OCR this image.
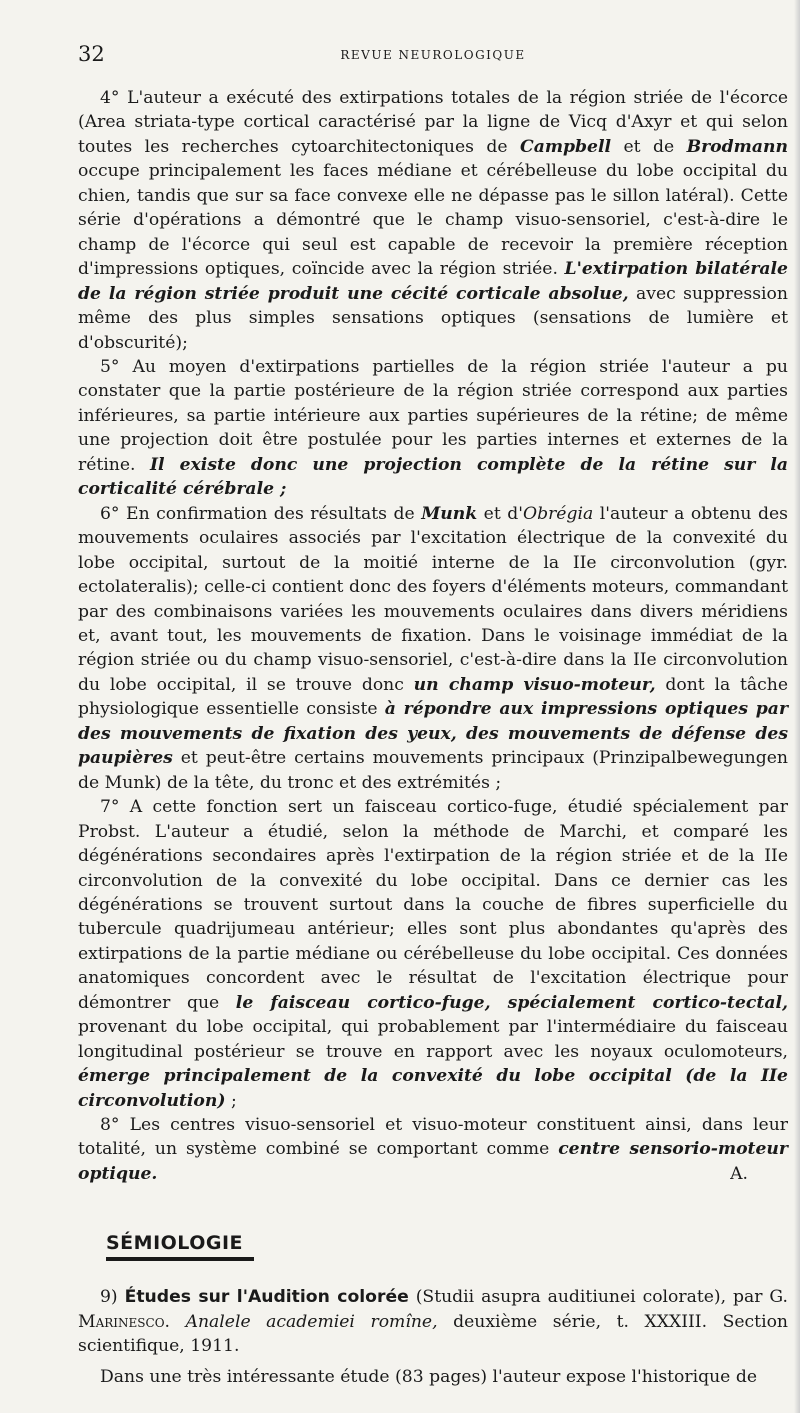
32	REVUE NEUROLOGIQUE

4° L'auteur a exécuté des extirpations totales de la région striée de l'écorce (Area striata-type cortical caractérisé par la ligne de Vicq d'Axyr et qui selon toutes les recherches cytoarchitectoniques de Campbell et de Brodmann occupe principalement les faces médiane et cérébelleuse du lobe occipital du chien, tandis que sur sa face convexe elle ne dépasse pas le sillon latéral). Cette série d'opérations a démontré que le champ visuo-sensoriel, c'est-à-dire le champ de l'écorce qui seul est capable de recevoir la première réception d'impressions optiques, coïncide avec la région striée. L'extirpation bilatérale de la région striée produit une cécité corticale absolue, avec suppression même des plus simples sensations optiques (sensations de lumière et d'obscurité);

5° Au moyen d'extirpations partielles de la région striée l'auteur a pu constater que la partie postérieure de la région striée correspond aux parties inférieures, sa partie intérieure aux parties supérieures de la rétine; de même une projection doit être postulée pour les parties internes et externes de la rétine. Il existe donc une projection complète de la rétine sur la corticalité cérébrale ;

6° En confirmation des résultats de Munk et d'Obrégia l'auteur a obtenu des mouvements oculaires associés par l'excitation électrique de la convexité du lobe occipital, surtout de la moitié interne de la IIe circonvolution (gyr. ectolateralis); celle-ci contient donc des foyers d'éléments moteurs, commandant par des combinaisons variées les mouvements oculaires dans divers méridiens et, avant tout, les mouvements de fixation. Dans le voisinage immédiat de la région striée ou du champ visuo-sensoriel, c'est-à-dire dans la IIe circonvolution du lobe occipital, il se trouve donc un champ visuo-moteur, dont la tâche physiologique essentielle consiste à répondre aux impressions optiques par des mouvements de fixation des yeux, des mouvements de défense des paupières et peut-être certains mouvements principaux (Prinzipalbewegungen de Munk) de la tête, du tronc et des extrémités ;

7° A cette fonction sert un faisceau cortico-fuge, étudié spécialement par Probst. L'auteur a étudié, selon la méthode de Marchi, et comparé les dégénérations secondaires après l'extirpation de la région striée et de la IIe circonvolution de la convexité du lobe occipital. Dans ce dernier cas les dégénérations se trouvent surtout dans la couche de fibres superficielle du tubercule quadrijumeau antérieur; elles sont plus abondantes qu'après des extirpations de la partie médiane ou cérébelleuse du lobe occipital. Ces données anatomiques concordent avec le résultat de l'excitation électrique pour démontrer que le faisceau cortico-fuge, spécialement cortico-tectal, provenant du lobe occipital, qui probablement par l'intermédiaire du faisceau longitudinal postérieur se trouve en rapport avec les noyaux oculomoteurs, émerge principalement de la convexité du lobe occipital (de la IIe circonvolution) ;

8° Les centres visuo-sensoriel et visuo-moteur constituent ainsi, dans leur totalité, un système combiné se comportant comme centre sensorio-moteur optique.	A.

SÉMIOLOGIE

9) Études sur l'Audition colorée (Studii asupra auditiunei colorate), par G. Marinesco. Analele academiei romîne, deuxième série, t. XXXIII. Section scientifique, 1911.

Dans une très intéressante étude (83 pages) l'auteur expose l'historique de
